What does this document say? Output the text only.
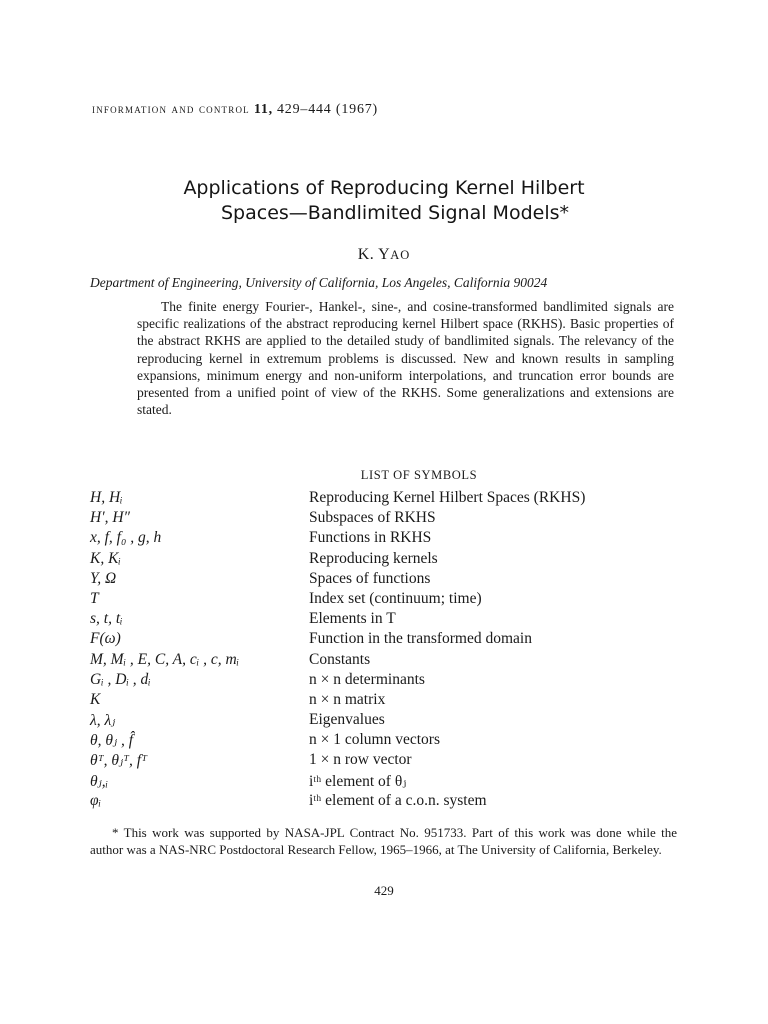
information and control 11, 429–444 (1967)
Applications of Reproducing Kernel Hilbert
Spaces—Bandlimited Signal Models*
K. YAO
Department of Engineering, University of California, Los Angeles, California 90024

The finite energy Fourier-, Hankel-, sine-, and cosine-transformed bandlimited signals are specific realizations of the abstract reproducing kernel Hilbert space (RKHS). Basic properties of the abstract RKHS are applied to the detailed study of bandlimited signals. The relevancy of the reproducing kernel in extremum problems is discussed. New and known results in sampling expansions, minimum energy and non-uniform interpolations, and truncation error bounds are presented from a unified point of view of the RKHS. Some generalizations and extensions are stated.

LIST OF SYMBOLS
H, Hᵢ	Reproducing Kernel Hilbert Spaces (RKHS)
H′, H″	Subspaces of RKHS
x, f, f₀ , g, h	Functions in RKHS
K, Kᵢ	Reproducing kernels
Y, Ω	Spaces of functions
T	Index set (continuum; time)
s, t, tᵢ	Elements in T
F(ω)	Function in the transformed domain
M, Mᵢ , E, C, A, cᵢ , c, mᵢ	Constants
Gᵢ , Dᵢ , dᵢ	n × n determinants
K	n × n matrix
λ, λⱼ	Eigenvalues
θ, θⱼ , f̂	n × 1 column vectors
θᵀ, θⱼᵀ, fᵀ	1 × n row vector
θⱼ,ᵢ	iᵗʰ element of θⱼ
φᵢ	iᵗʰ element of a c.o.n. system

* This work was supported by NASA-JPL Contract No. 951733. Part of this work was done while the author was a NAS-NRC Postdoctoral Research Fellow, 1965–1966, at The University of California, Berkeley.

429
